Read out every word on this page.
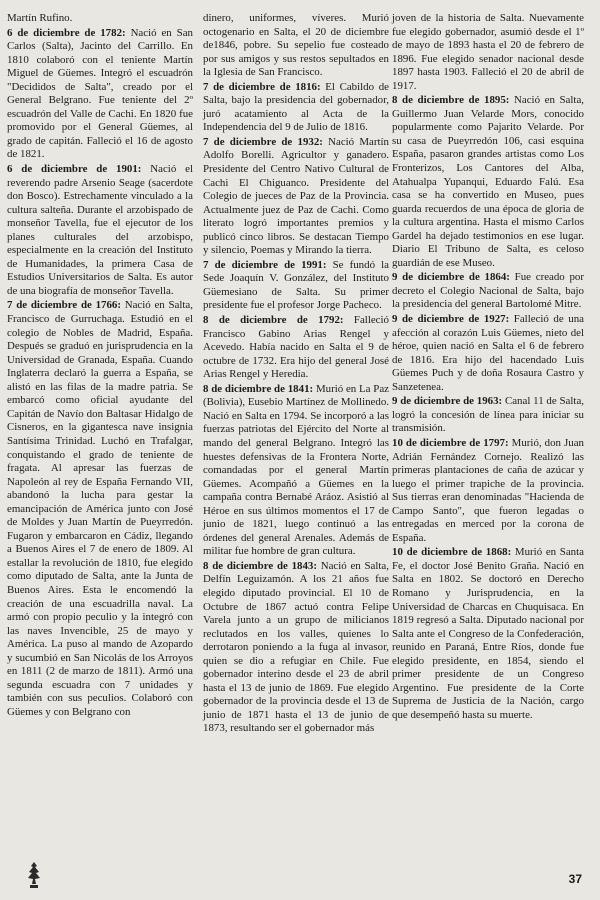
Martín Rufino.

6 de diciembre de 1782: Nació en San Carlos (Salta), Jacinto del Carrillo. En 1810 colaboró con el teniente Martín Miguel de Güemes. Integró el escuadrón "Decididos de Salta", creado por el General Belgrano. Fue teniente del 2º escuadrón del Valle de Cachi. En 1820 fue promovido por el General Güemes, al grado de capitán. Falleció el 16 de agosto de 1821.

6 de diciembre de 1901: Nació el reverendo padre Arsenio Seage (sacerdote don Bosco). Estrechamente vinculado a la cultura salteña. Durante el arzobispado de monseñor Tavella, fue el ejecutor de los planes culturales del arzobispo, especialmente en la creación del Instituto de Humanidades, la primera Casa de Estudios Universitarios de Salta. Es autor de una biografía de monseñor Tavella.

7 de diciembre de 1766: Nació en Salta, Francisco de Gurruchaga. Estudió en el colegio de Nobles de Madrid, España. Después se graduó en jurisprudencia en la Universidad de Granada, España. Cuando Inglaterra declaró la guerra a España, se alistó en las filas de la madre patria. Se embarcó como oficial ayudante del Capitán de Navío don Baltasar Hidalgo de Cisneros, en la gigantesca nave insignia Santísima Trinidad. Luchó en Trafalgar, conquistando el grado de teniente de fragata. Al apresar las fuerzas de Napoleón al rey de España Fernando VII, abandonó la lucha para gestar la emancipación de América junto con José de Moldes y Juan Martín de Pueyrredón. Fugaron y embarcaron en Cádiz, llegando a Buenos Aires el 7 de enero de 1809. Al estallar la revolución de 1810, fue elegido como diputado de Salta, ante la Junta de Buenos Aires. Esta le encomendó la creación de una escuadrilla naval. La armó con propio peculio y la integró con las naves Invencible, 25 de mayo y América. La puso al mando de Azopardo y sucumbió en San Nicolás de los Arroyos en 1811 (2 de marzo de 1811). Armó una segunda escuadra con 7 unidades y también con sus peculios. Colaboró con Güemes y con Belgrano con

dinero, uniformes, víveres. Murió octogenario en Salta, el 20 de diciembre de1846, pobre. Su sepelio fue costeado por sus amigos y sus restos sepultados en la Iglesia de San Francisco.

7 de diciembre de 1816: El Cabildo de Salta, bajo la presidencia del gobernador, juró acatamiento al Acta de la Independencia del 9 de Julio de 1816.

7 de diciembre de 1932: Nació Martín Adolfo Borelli. Agricultor y ganadero. Presidente del Centro Nativo Cultural de Cachi El Chiguanco. Presidente del Colegio de jueces de Paz de la Provincia. Actualmente juez de Paz de Cachi. Como literato logró importantes premios y publicó cinco libros. Se destacan Tiempo y silencio, Poemas y Mirando la tierra.

7 de diciembre de 1991: Se fundó la Sede Joaquín V. González, del Instituto Güemesiano de Salta. Su primer presidente fue el profesor Jorge Pacheco.

8 de diciembre de 1792: Falleció Francisco Gabino Arias Rengel y Acevedo. Había nacido en Salta el 9 de octubre de 1732. Era hijo del general José Arias Rengel y Heredia.

8 de diciembre de 1841: Murió en La Paz (Bolivia), Eusebio Martínez de Mollinedo. Nació en Salta en 1794. Se incorporó a las fuerzas patriotas del Ejército del Norte al mando del general Belgrano. Integró las huestes defensivas de la Frontera Norte, comandadas por el general Martín Güemes. Acompañó a Güemes en la campaña contra Bernabé Aráoz. Asistió al Héroe en sus últimos momentos el 17 de junio de 1821, luego continuó a las órdenes del general Arenales. Además de militar fue hombre de gran cultura.

8 de diciembre de 1843: Nació en Salta, Delfín Leguizamón. A los 21 años fue elegido diputado provincial. El 10 de Octubre de 1867 actuó contra Felipe Varela junto a un grupo de milicianos reclutados en los valles, quienes lo derrotaron poniendo a la fuga al invasor, quien se dio a refugiar en Chile. Fue gobernador interino desde el 23 de abril hasta el 13 de junio de 1869. Fue elegido gobernador de la provincia desde el 13 de junio de 1871 hasta el 13 de junio de 1873, resultando ser el gobernador más

joven de la historia de Salta. Nuevamente fue elegido gobernador, asumió desde el 1º de mayo de 1893 hasta el 20 de febrero de 1896. Fue elegido senador nacional desde 1897 hasta 1903. Falleció el 20 de abril de 1917.

8 de diciembre de 1895: Nació en Salta, Guillermo Juan Velarde Mors, conocido popularmente como Pajarito Velarde. Por su casa de Pueyrredón 106, casi esquina España, pasaron grandes artistas como Los Fronterizos, Los Cantores del Alba, Atahualpa Yupanqui, Eduardo Falú. Esa casa se ha convertido en Museo, pues guarda recuerdos de una época de gloria de la cultura argentina. Hasta el mismo Carlos Gardel ha dejado testimonios en ese lugar. Diario El Tribuno de Salta, es celoso guardián de ese Museo.

9 de diciembre de 1864: Fue creado por decreto el Colegio Nacional de Salta, bajo la presidencia del general Bartolomé Mitre.

9 de diciembre de 1927: Falleció de una afección al corazón Luis Güemes, nieto del héroe, quien nació en Salta el 6 de febrero de 1816. Era hijo del hacendado Luis Güemes Puch y de doña Rosaura Castro y Sanzetenea.

9 de diciembre de 1963: Canal 11 de Salta, logró la concesión de línea para iniciar su transmisión.

10 de diciembre de 1797: Murió, don Juan Adrián Fernández Cornejo. Realizó las primeras plantaciones de caña de azúcar y luego el primer trapiche de la provincia. Sus tierras eran denominadas "Hacienda de Campo Santo", que fueron legadas o entregadas en merced por la corona de España.

10 de diciembre de 1868: Murió en Santa Fe, el doctor José Benito Graña. Nació en Salta en 1802. Se doctoró en Derecho Romano y Jurisprudencia, en la Universidad de Charcas en Chuquisaca. En 1819 regresó a Salta. Diputado nacional por Salta ante el Congreso de la Confederación, reunido en Paraná, Entre Ríos, donde fue elegido presidente, en 1854, siendo el primer presidente de un Congreso Argentino. Fue presidente de la Corte Suprema de Justicia de la Nación, cargo que desempeñó hasta su muerte.

37
